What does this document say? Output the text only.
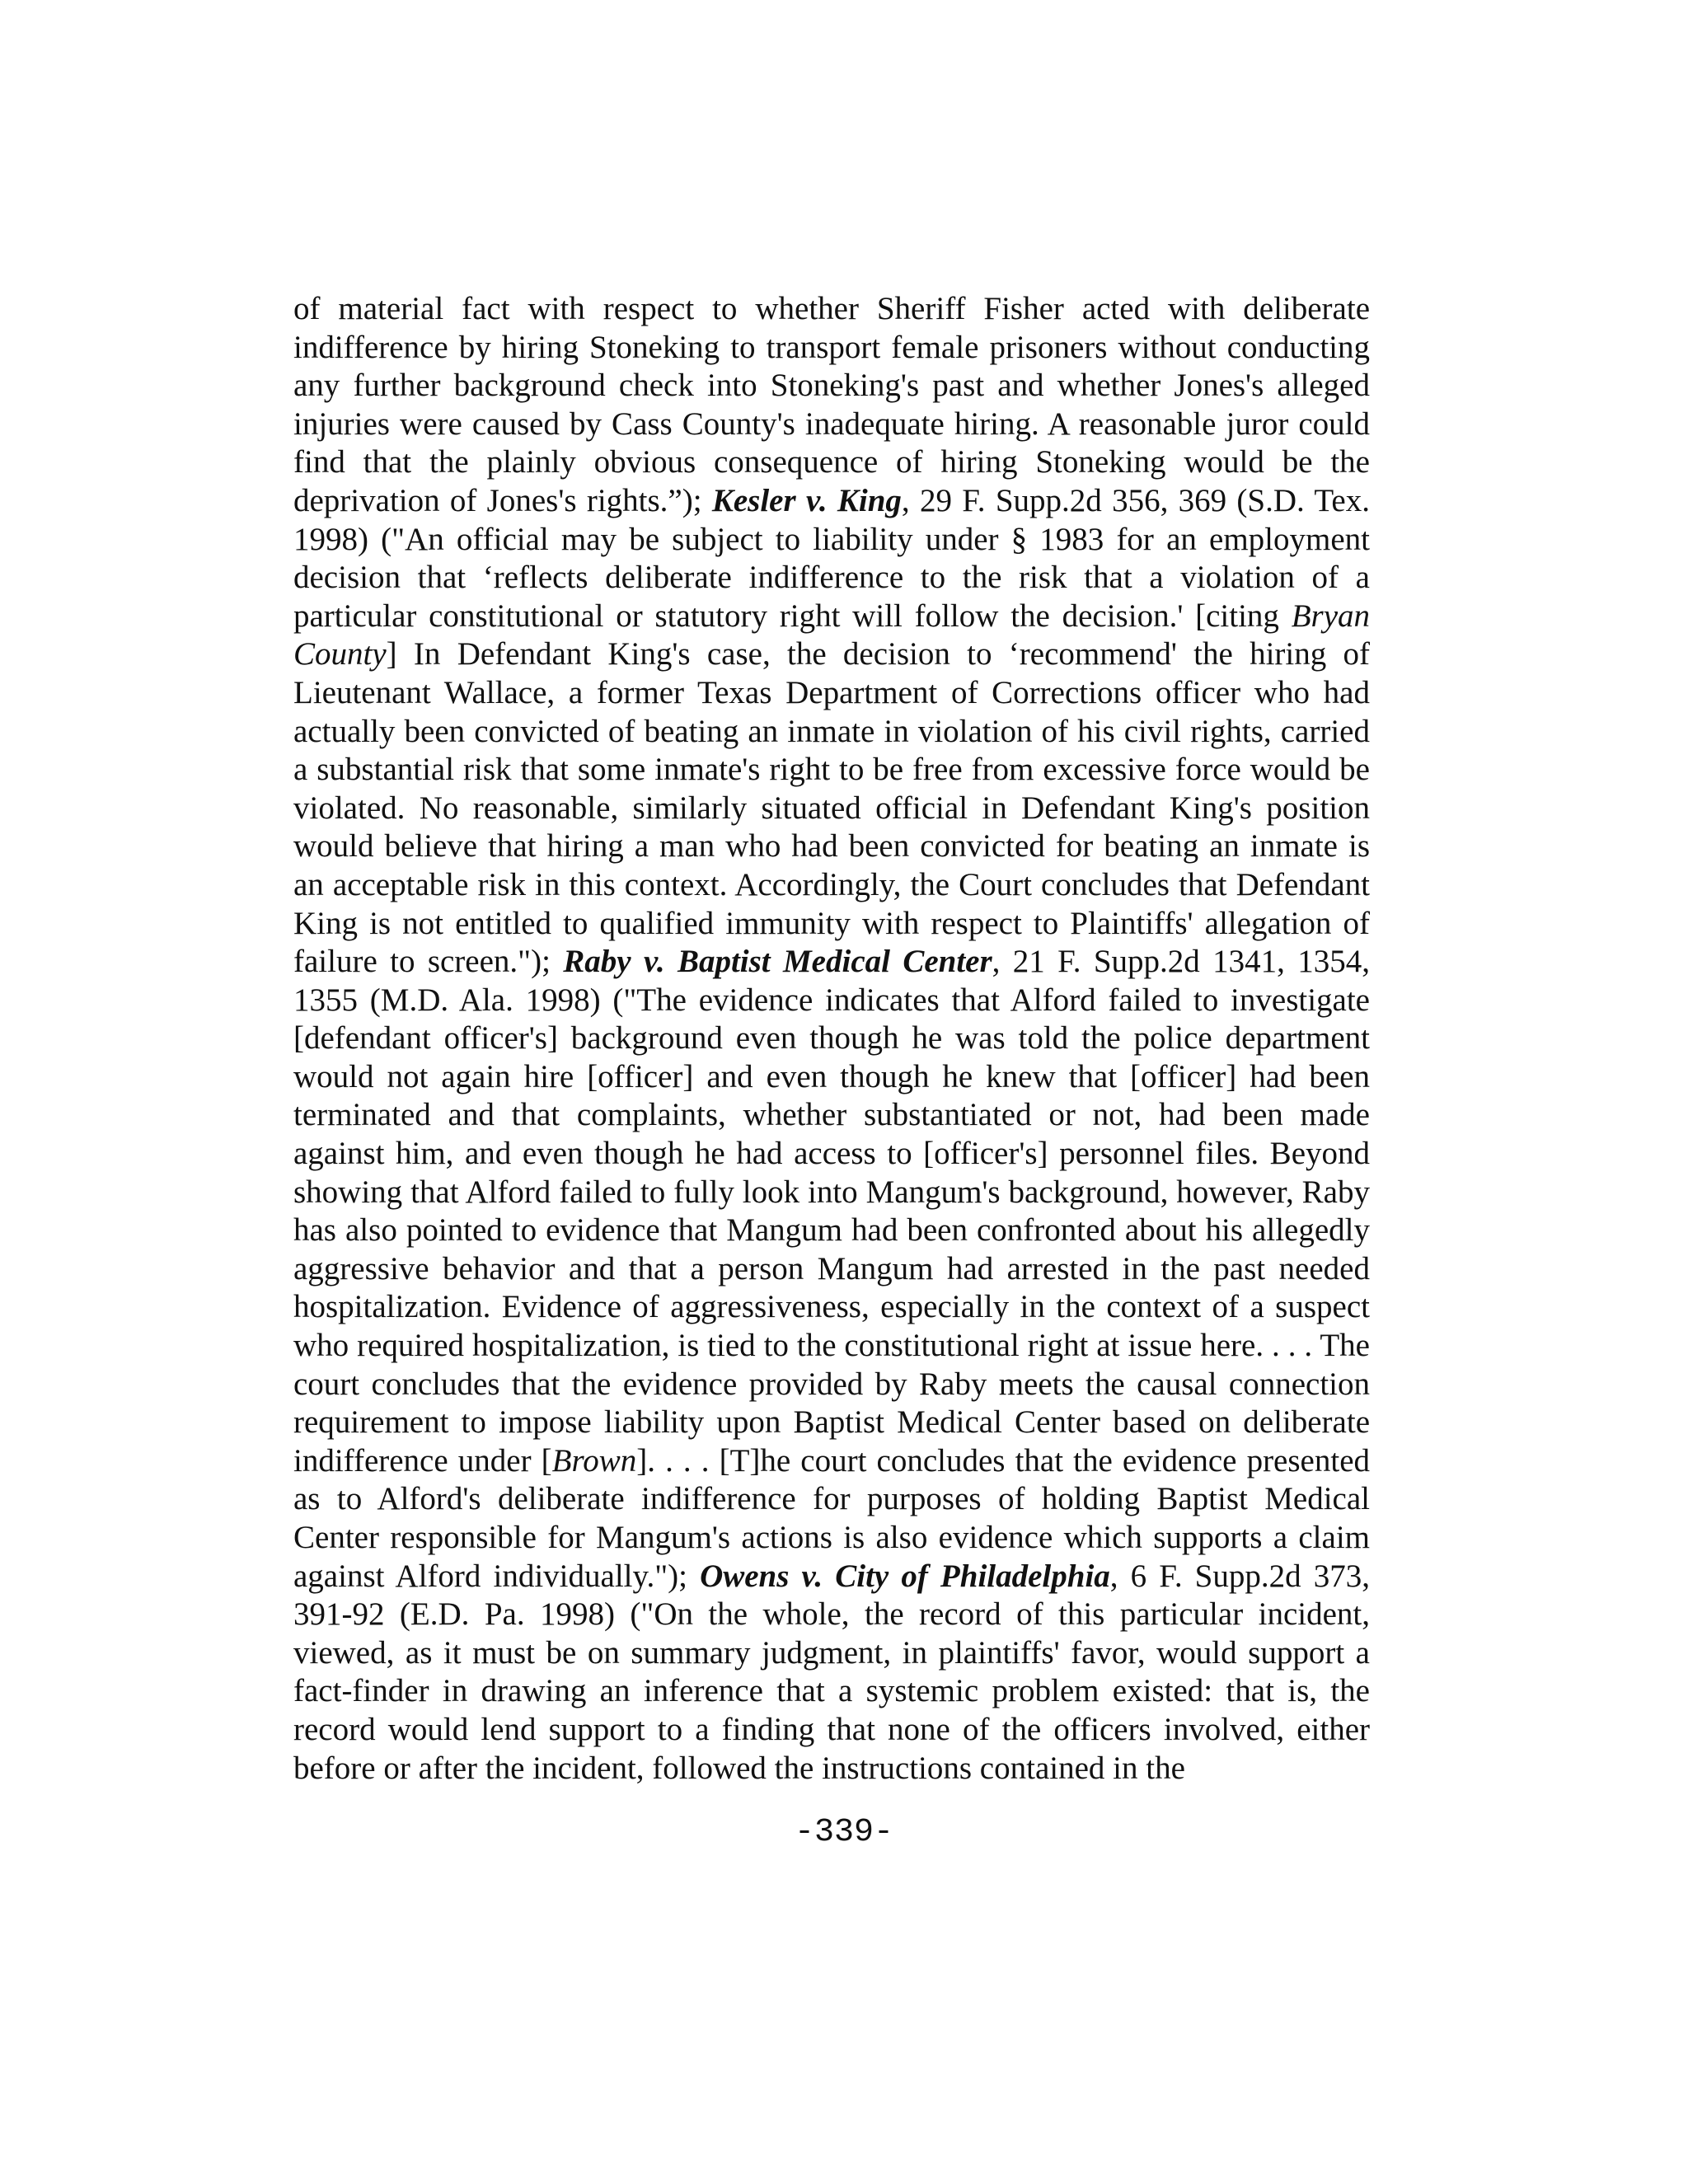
of material fact with respect to whether Sheriff Fisher acted with deliberate indifference by hiring Stoneking to transport female prisoners without conducting any further background check into Stoneking's past and whether Jones's alleged injuries were caused by Cass County's inadequate hiring. A reasonable juror could find that the plainly obvious consequence of hiring Stoneking would be the deprivation of Jones's rights.”); Kesler v. King, 29 F. Supp.2d 356, 369 (S.D. Tex. 1998) ("An official may be subject to liability under § 1983 for an employment decision that ‘reflects deliberate indifference to the risk that a violation of a particular constitutional or statutory right will follow the decision.' [citing Bryan County] In Defendant King's case, the decision to ‘recommend' the hiring of Lieutenant Wallace, a former Texas Department of Corrections officer who had actually been convicted of beating an inmate in violation of his civil rights, carried a substantial risk that some inmate's right to be free from excessive force would be violated. No reasonable, similarly situated official in Defendant King's position would believe that hiring a man who had been convicted for beating an inmate is an acceptable risk in this context. Accordingly, the Court concludes that Defendant King is not entitled to qualified immunity with respect to Plaintiffs' allegation of failure to screen."); Raby v. Baptist Medical Center, 21 F. Supp.2d 1341, 1354, 1355 (M.D. Ala. 1998) ("The evidence indicates that Alford failed to investigate [defendant officer's] background even though he was told the police department would not again hire [officer] and even though he knew that [officer] had been terminated and that complaints, whether substantiated or not, had been made against him, and even though he had access to [officer's] personnel files. Beyond showing that Alford failed to fully look into Mangum's background, however, Raby has also pointed to evidence that Mangum had been confronted about his allegedly aggressive behavior and that a person Mangum had arrested in the past needed hospitalization. Evidence of aggressiveness, especially in the context of a suspect who required hospitalization, is tied to the constitutional right at issue here. . . . The court concludes that the evidence provided by Raby meets the causal connection requirement to impose liability upon Baptist Medical Center based on deliberate indifference under [Brown]. . . . [T]he court concludes that the evidence presented as to Alford's deliberate indifference for purposes of holding Baptist Medical Center responsible for Mangum's actions is also evidence which supports a claim against Alford individually."); Owens v. City of Philadelphia, 6 F. Supp.2d 373, 391-92 (E.D. Pa. 1998) ("On the whole, the record of this particular incident, viewed, as it must be on summary judgment, in plaintiffs' favor, would support a fact-finder in drawing an inference that a systemic problem existed: that is, the record would lend support to a finding that none of the officers involved, either before or after the incident, followed the instructions contained in the

-339-
